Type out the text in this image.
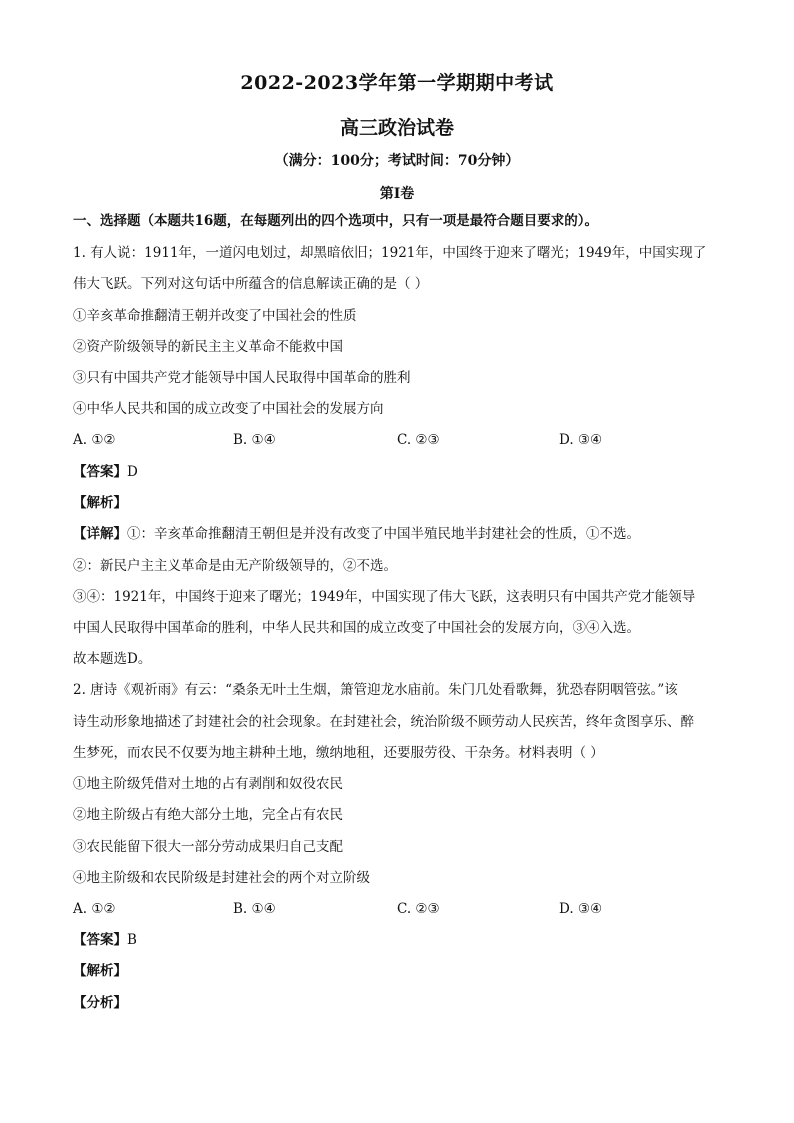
2022-2023学年第一学期期中考试
高三政治试卷
（满分：100分；考试时间：70分钟）
第Ⅰ卷
一、选择题（本题共16题，在每题列出的四个选项中，只有一项是最符合题目要求的）。
1. 有人说：1911年，一道闪电划过，却黑暗依旧；1921年，中国终于迎来了曙光；1949年，中国实现了
伟大飞跃。下列对这句话中所蕴含的信息解读正确的是（ ）
①辛亥革命推翻清王朝并改变了中国社会的性质
②资产阶级领导的新民主主义革命不能救中国
③只有中国共产党才能领导中国人民取得中国革命的胜利
④中华人民共和国的成立改变了中国社会的发展方向
A. ①②	B. ①④	C. ②③	D. ③④
【答案】D
【解析】
【详解】①：辛亥革命推翻清王朝但是并没有改变了中国半殖民地半封建社会的性质，①不选。
②：新民户主主义革命是由无产阶级领导的，②不选。
③④：1921年，中国终于迎来了曙光；1949年，中国实现了伟大飞跃，这表明只有中国共产党才能领导
中国人民取得中国革命的胜利，中华人民共和国的成立改变了中国社会的发展方向，③④入选。
故本题选D。
2. 唐诗《观祈雨》有云：“桑条无叶土生烟，箫管迎龙水庙前。朱门几处看歌舞，犹恐春阴咽管弦。”该
诗生动形象地描述了封建社会的社会现象。在封建社会，统治阶级不顾劳动人民疾苦，终年贪图享乐、醉
生梦死，而农民不仅要为地主耕种土地，缴纳地租，还要服劳役、干杂务。材料表明（ ）
①地主阶级凭借对土地的占有剥削和奴役农民
②地主阶级占有绝大部分土地，完全占有农民
③农民能留下很大一部分劳动成果归自己支配
④地主阶级和农民阶级是封建社会的两个对立阶级
A. ①②	B. ①④	C. ②③	D. ③④
【答案】B
【解析】
【分析】
